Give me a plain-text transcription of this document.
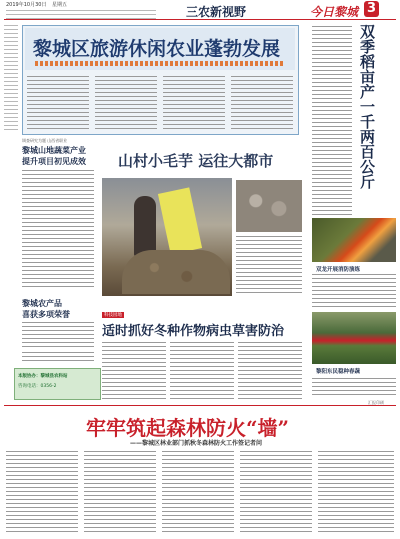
2019年10月30日 星期五	三农新视野	今日黎城 3
黎城区旅游休闲农业蓬勃发展
调查研究为题 山西省职业
黎城山地蔬菜产业
提升项目初见成效 山村小毛芋 运往大都市
黎城农产品
喜获多项荣誉
本版协办：黎城县农科站
咨询电话：0356-2
科技园地
适时抓好冬种作物病虫草害防治
双季稻亩产一千两百公斤
双龙开展消防演练
黎阳东民稳种春蔬
汇报印刷
牢牢筑起森林防火“墙”
——黎城区林业部门抓秋冬森林防火工作签记者问
